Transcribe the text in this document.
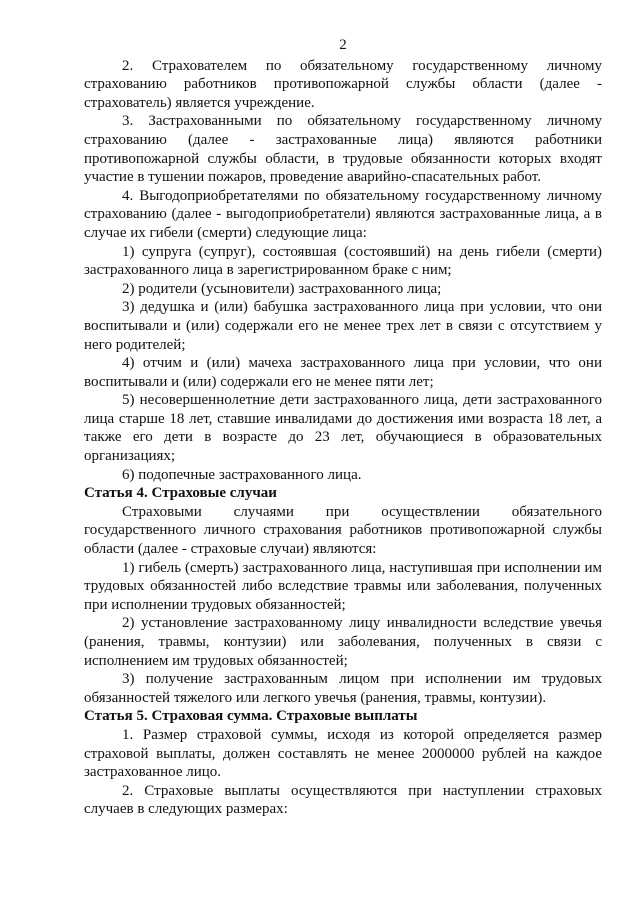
2

2. Страхователем по обязательному государственному личному страхованию работников противопожарной службы области (далее - страхователь) является учреждение.

3. Застрахованными по обязательному государственному личному страхованию (далее - застрахованные лица) являются работники противопожарной службы области, в трудовые обязанности которых входят участие в тушении пожаров, проведение аварийно-спасательных работ.

4. Выгодоприобретателями по обязательному государственному личному страхованию (далее - выгодоприобретатели) являются застрахованные лица, а в случае их гибели (смерти) следующие лица:

1) супруга (супруг), состоявшая (состоявший) на день гибели (смерти) застрахованного лица в зарегистрированном браке с ним;

2) родители (усыновители) застрахованного лица;

3) дедушка и (или) бабушка застрахованного лица при условии, что они воспитывали и (или) содержали его не менее трех лет в связи с отсутствием у него родителей;

4) отчим и (или) мачеха застрахованного лица при условии, что они воспитывали и (или) содержали его не менее пяти лет;

5) несовершеннолетние дети застрахованного лица, дети застрахованного лица старше 18 лет, ставшие инвалидами до достижения ими возраста 18 лет, а также его дети в возрасте до 23 лет, обучающиеся в образовательных организациях;

6) подопечные застрахованного лица.

Статья 4. Страховые случаи

Страховыми случаями при осуществлении обязательного государственного личного страхования работников противопожарной службы области (далее - страховые случаи) являются:

1) гибель (смерть) застрахованного лица, наступившая при исполнении им трудовых обязанностей либо вследствие травмы или заболевания, полученных при исполнении трудовых обязанностей;

2) установление застрахованному лицу инвалидности вследствие увечья (ранения, травмы, контузии) или заболевания, полученных в связи с исполнением им трудовых обязанностей;

3) получение застрахованным лицом при исполнении им трудовых обязанностей тяжелого или легкого увечья (ранения, травмы, контузии).

Статья 5. Страховая сумма. Страховые выплаты

1. Размер страховой суммы, исходя из которой определяется размер страховой выплаты, должен составлять не менее 2000000 рублей на каждое застрахованное лицо.

2. Страховые выплаты осуществляются при наступлении страховых случаев в следующих размерах:
